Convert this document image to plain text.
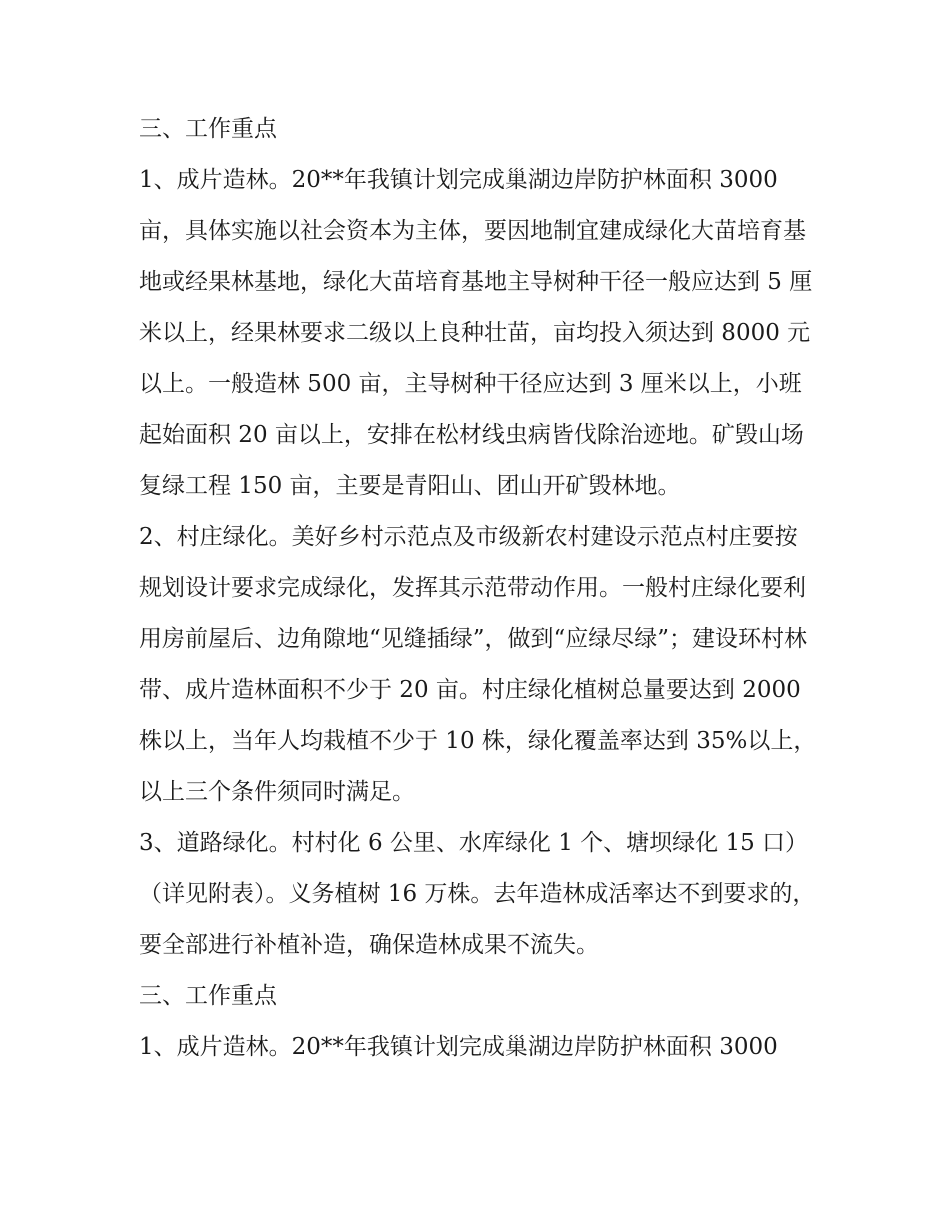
三、工作重点

1、成片造林。20**年我镇计划完成巢湖边岸防护林面积 3000 亩，具体实施以社会资本为主体，要因地制宜建成绿化大苗培育基地或经果林基地，绿化大苗培育基地主导树种干径一般应达到 5 厘米以上，经果林要求二级以上良种壮苗，亩均投入须达到 8000 元以上。一般造林 500 亩，主导树种干径应达到 3 厘米以上，小班起始面积 20 亩以上，安排在松材线虫病皆伐除治迹地。矿毁山场复绿工程 150 亩，主要是青阳山、团山开矿毁林地。

2、村庄绿化。美好乡村示范点及市级新农村建设示范点村庄要按规划设计要求完成绿化，发挥其示范带动作用。一般村庄绿化要利用房前屋后、边角隙地“见缝插绿”，做到“应绿尽绿”；建设环村林带、成片造林面积不少于 20 亩。村庄绿化植树总量要达到 2000 株以上，当年人均栽植不少于 10 株，绿化覆盖率达到 35%以上，以上三个条件须同时满足。

3、道路绿化。村村化 6 公里、水库绿化 1 个、塘坝绿化 15 口）（详见附表）。义务植树 16 万株。去年造林成活率达不到要求的，要全部进行补植补造，确保造林成果不流失。

三、工作重点

1、成片造林。20**年我镇计划完成巢湖边岸防护林面积 3000
